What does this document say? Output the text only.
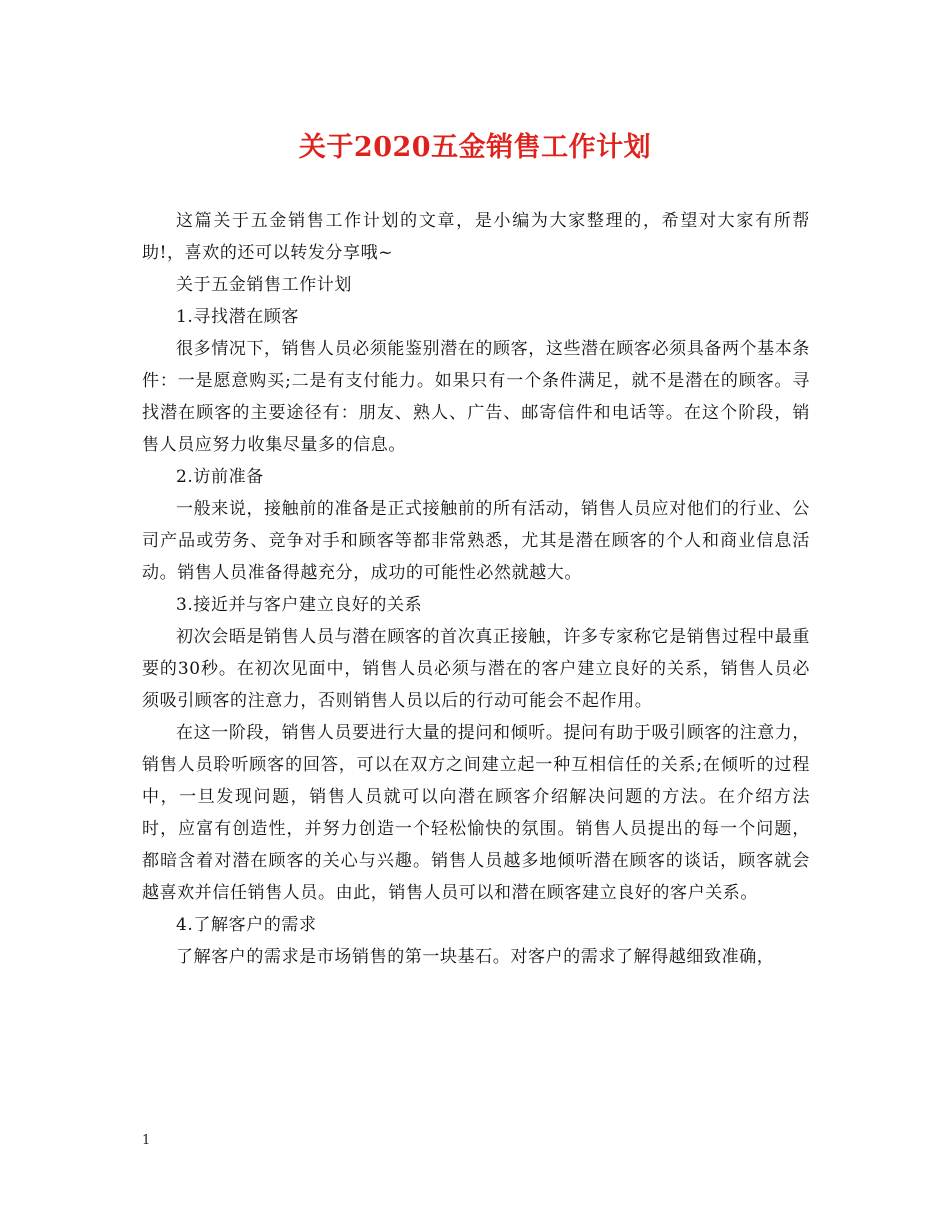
关于2020五金销售工作计划

这篇关于五金销售工作计划的文章，是小编为大家整理的，希望对大家有所帮助!，喜欢的还可以转发分享哦~

关于五金销售工作计划

1.寻找潜在顾客

很多情况下，销售人员必须能鉴别潜在的顾客，这些潜在顾客必须具备两个基本条件：一是愿意购买;二是有支付能力。如果只有一个条件满足，就不是潜在的顾客。寻找潜在顾客的主要途径有：朋友、熟人、广告、邮寄信件和电话等。在这个阶段，销售人员应努力收集尽量多的信息。

2.访前准备

一般来说，接触前的准备是正式接触前的所有活动，销售人员应对他们的行业、公司产品或劳务、竞争对手和顾客等都非常熟悉，尤其是潜在顾客的个人和商业信息活动。销售人员准备得越充分，成功的可能性必然就越大。

3.接近并与客户建立良好的关系

初次会晤是销售人员与潜在顾客的首次真正接触，许多专家称它是销售过程中最重要的30秒。在初次见面中，销售人员必须与潜在的客户建立良好的关系，销售人员必须吸引顾客的注意力，否则销售人员以后的行动可能会不起作用。

在这一阶段，销售人员要进行大量的提问和倾听。提问有助于吸引顾客的注意力，销售人员聆听顾客的回答，可以在双方之间建立起一种互相信任的关系;在倾听的过程中，一旦发现问题，销售人员就可以向潜在顾客介绍解决问题的方法。在介绍方法时，应富有创造性，并努力创造一个轻松愉快的氛围。销售人员提出的每一个问题，都暗含着对潜在顾客的关心与兴趣。销售人员越多地倾听潜在顾客的谈话，顾客就会越喜欢并信任销售人员。由此，销售人员可以和潜在顾客建立良好的客户关系。

4.了解客户的需求

了解客户的需求是市场销售的第一块基石。对客户的需求了解得越细致准确，

1
